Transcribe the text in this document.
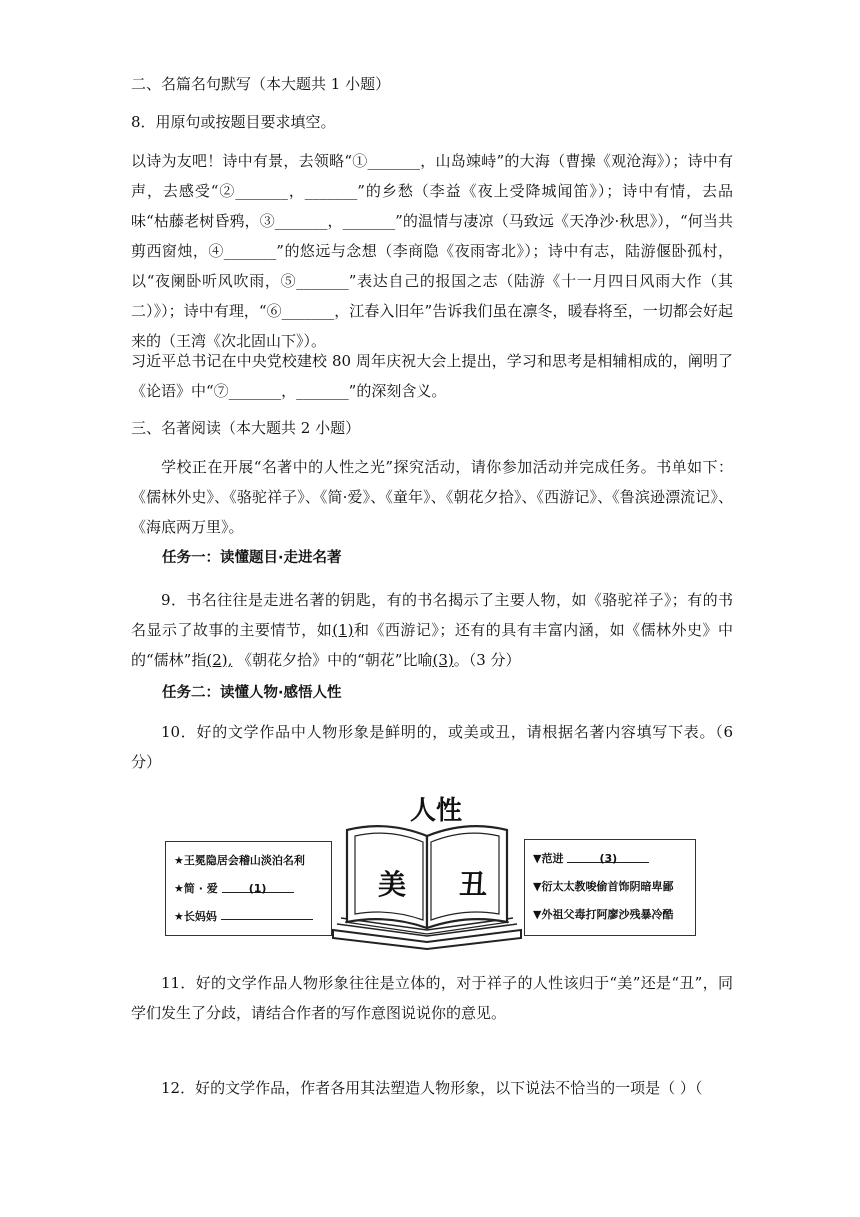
二、名篇名句默写（本大题共 1 小题）
8．用原句或按题目要求填空。
以诗为友吧！诗中有景，去领略“①_______，山岛竦峙”的大海（曹操《观沧海》）；诗中有声，去感受“②_______，_______”的乡愁（李益《夜上受降城闻笛》）；诗中有情，去品味“枯藤老树昏鸦，③_______，_______”的温情与凄凉（马致远《天净沙·秋思》），“何当共剪西窗烛，④_______”的悠远与念想（李商隐《夜雨寄北》）；诗中有志，陆游偃卧孤村，以“夜阑卧听风吹雨，⑤_______”表达自己的报国之志（陆游《十一月四日风雨大作（其二）》）；诗中有理，“⑥_______，江春入旧年”告诉我们虽在凛冬，暖春将至，一切都会好起来的（王湾《次北固山下》）。
习近平总书记在中央党校建校 80 周年庆祝大会上提出，学习和思考是相辅相成的，阐明了《论语》中“⑦_______，_______”的深刻含义。
三、名著阅读（本大题共 2 小题）
学校正在开展“名著中的人性之光”探究活动，请你参加活动并完成任务。书单如下：《儒林外史》、《骆驼祥子》、《简·爱》、《童年》、《朝花夕拾》、《西游记》、《鲁滨逊漂流记》、 《海底两万里》。
任务一：读懂题目·走进名著
9．书名往往是走进名著的钥匙，有的书名揭示了主要人物，如《骆驼祥子》；有的书名显示了故事的主要情节，如(1)和《西游记》；还有的具有丰富内涵，如《儒林外史》中的“儒林”指(2), 《朝花夕拾》中的“朝花”比喻(3)。（3 分）
任务二：读懂人物·感悟人性
10．好的文学作品中人物形象是鲜明的，或美或丑，请根据名著内容填写下表。（6 分）
人性
★王冕隐居会稽山淡泊名利
★简 · 爱	(1)
★长妈妈
美 丑
▼范进	(3)
▼衍太太教唆偷首饰阴暗卑鄙
▼外祖父毒打阿廖沙残暴冷酷
11．好的文学作品人物形象往往是立体的，对于祥子的人性该归于“美”还是“丑”，同学们发生了分歧，请结合作者的写作意图说说你的意见。
12．好的文学作品，作者各用其法塑造人物形象，以下说法不恰当的一项是（ ）（
